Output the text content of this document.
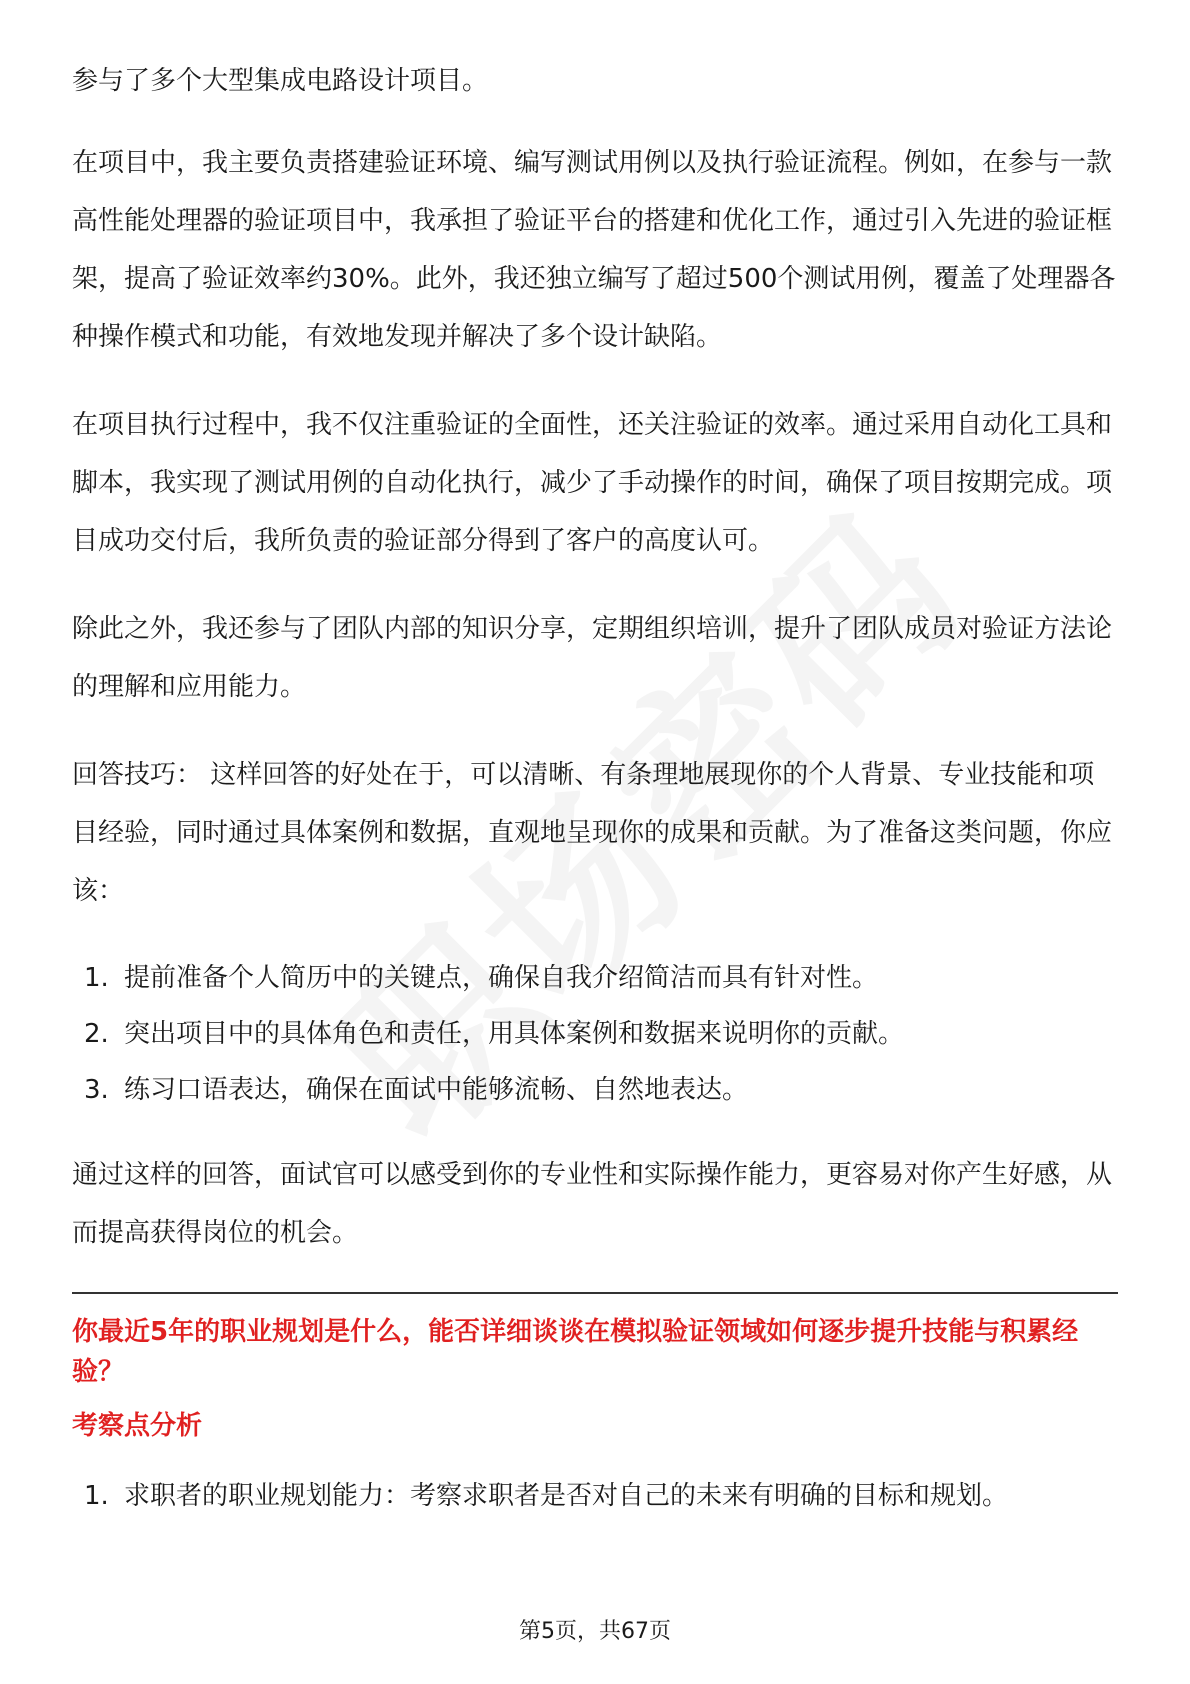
参与了多个大型集成电路设计项目。

在项目中，我主要负责搭建验证环境、编写测试用例以及执行验证流程。例如，在参与一款高性能处理器的验证项目中，我承担了验证平台的搭建和优化工作，通过引入先进的验证框架，提高了验证效率约30%。此外，我还独立编写了超过500个测试用例，覆盖了处理器各种操作模式和功能，有效地发现并解决了多个设计缺陷。

在项目执行过程中，我不仅注重验证的全面性，还关注验证的效率。通过采用自动化工具和脚本，我实现了测试用例的自动化执行，减少了手动操作的时间，确保了项目按期完成。项目成功交付后，我所负责的验证部分得到了客户的高度认可。

除此之外，我还参与了团队内部的知识分享，定期组织培训，提升了团队成员对验证方法论的理解和应用能力。

回答技巧： 这样回答的好处在于，可以清晰、有条理地展现你的个人背景、专业技能和项目经验，同时通过具体案例和数据，直观地呈现你的成果和贡献。为了准备这类问题，你应该：

1. 提前准备个人简历中的关键点，确保自我介绍简洁而具有针对性。
2. 突出项目中的具体角色和责任，用具体案例和数据来说明你的贡献。
3. 练习口语表达，确保在面试中能够流畅、自然地表达。

通过这样的回答，面试官可以感受到你的专业性和实际操作能力，更容易对你产生好感，从而提高获得岗位的机会。

你最近5年的职业规划是什么，能否详细谈谈在模拟验证领域如何逐步提升技能与积累经验？
考察点分析
1. 求职者的职业规划能力：考察求职者是否对自己的未来有明确的目标和规划。
第5页，共67页
